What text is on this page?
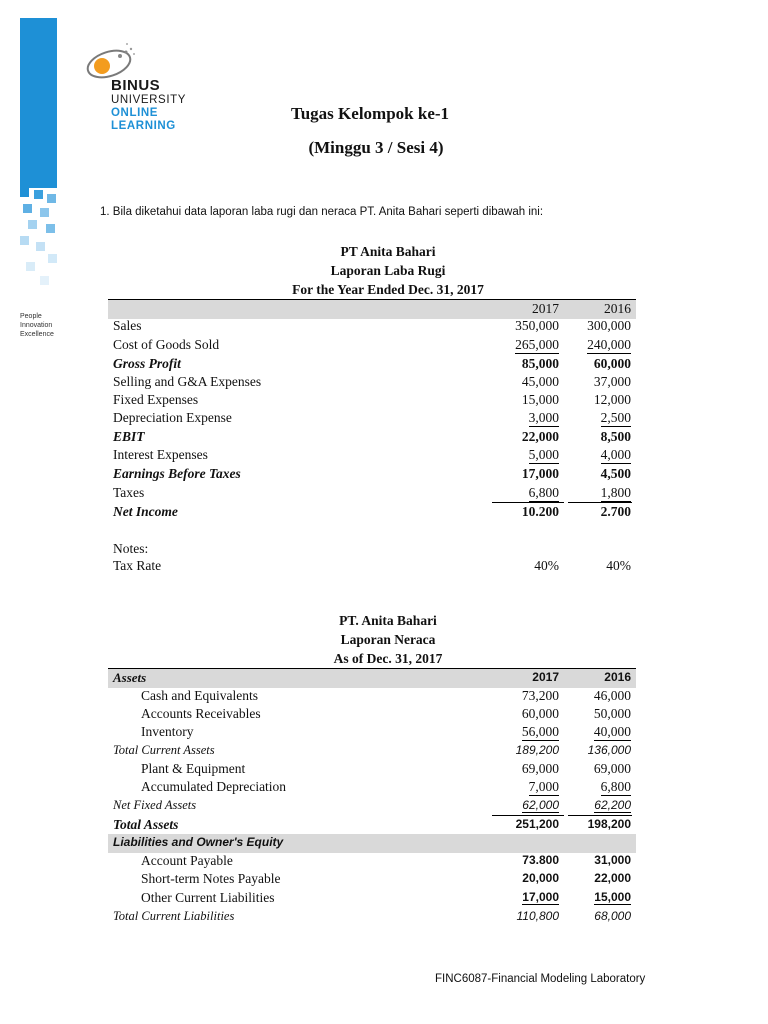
People
Innovation
Excellence
BINUS
UNIVERSITY
ONLINE
LEARNING
Tugas Kelompok ke-1
(Minggu 3 / Sesi 4)
1. Bila diketahui data laporan laba rugi dan neraca PT. Anita Bahari seperti dibawah ini:
PT Anita Bahari
Laporan Laba Rugi
For the Year Ended Dec. 31, 2017
2017	2016
Sales	350,000 300,000
Cost of Goods Sold	265,000 240,000
Gross Profit	85,000	60,000
Selling and G&A Expenses	45,000	37,000
Fixed Expenses	15,000	12,000
Depreciation Expense	3,000	2,500
EBIT	22,000	8,500
Interest Expenses	5,000	4,000
Earnings Before Taxes	17,000	4,500
Taxes	6,800	1,800
Net Income	10.200	2.700
Notes:
Tax Rate	40%	40%
PT. Anita Bahari
Laporan Neraca
As of Dec. 31, 2017
Assets	2017	2016
Cash and Equivalents	73,200	46,000
Accounts Receivables	60,000	50,000
Inventory	56,000	40,000
Total Current Assets	189,200 136,000
Plant & Equipment	69,000	69,000
Accumulated Depreciation	7,000	6,800
Net Fixed Assets	62,000	62,200
Total Assets	251,200 198,200
Liabilities and Owner's Equity
Account Payable	73.800	31,000
Short-term Notes Payable	20,000	22,000
Other Current Liabilities	17,000	15,000
Total Current Liabilities	110,800	68,000
FINC6087-Financial Modeling Laboratory
